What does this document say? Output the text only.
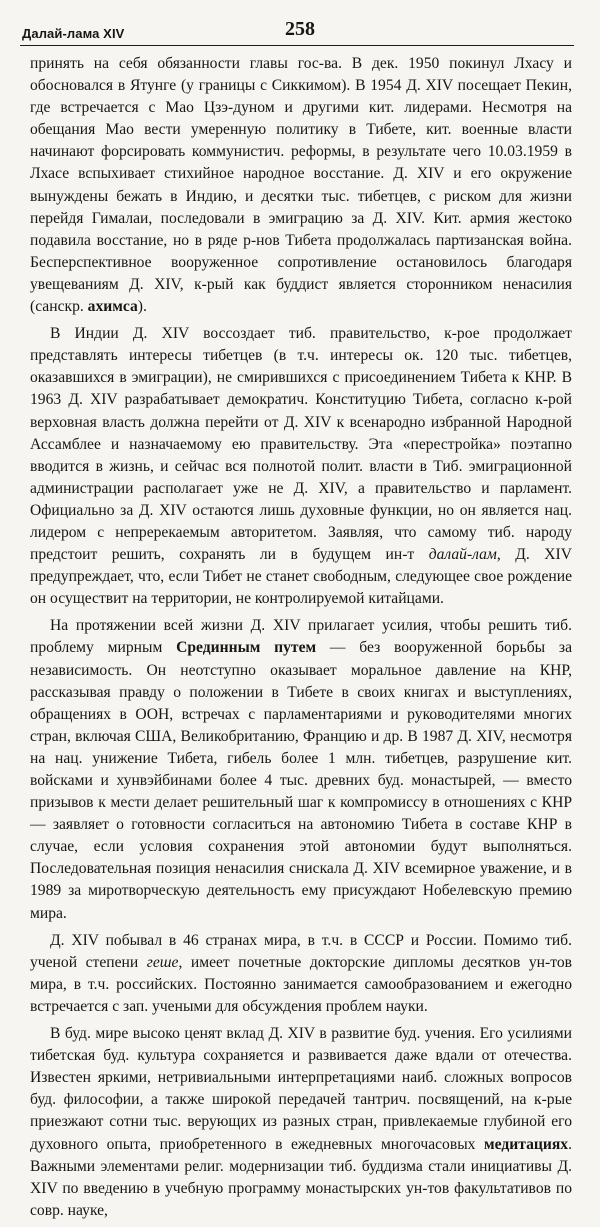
Далай-лама XIV	258

принять на себя обязанности главы гос-ва. В дек. 1950 покинул Лхасу и обосновался в Ятунге (у границы с Сиккимом). В 1954 Д. XIV посещает Пекин, где встречается с Мао Цзэ-дуном и другими кит. лидерами. Несмотря на обещания Мао вести умеренную политику в Тибете, кит. военные власти начинают форсировать коммунистич. реформы, в результате чего 10.03.1959 в Лхасе вспыхивает стихийное народное восстание. Д. XIV и его окружение вынуждены бежать в Индию, и десятки тыс. тибетцев, с риском для жизни перейдя Гималаи, последовали в эмиграцию за Д. XIV. Кит. армия жестоко подавила восстание, но в ряде р-нов Тибета продолжалась партизанская война. Бесперспективное вооруженное сопротивление остановилось благодаря увещеваниям Д. XIV, к-рый как буддист является сторонником ненасилия (санскр. ахимса).

В Индии Д. XIV воссоздает тиб. правительство, к-рое продолжает представлять интересы тибетцев (в т.ч. интересы ок. 120 тыс. тибетцев, оказавшихся в эмиграции), не смирившихся с присоединением Тибета к КНР. В 1963 Д. XIV разрабатывает демократич. Конституцию Тибета, согласно к-рой верховная власть должна перейти от Д. XIV к всенародно избранной Народной Ассамблее и назначаемому ею правительству. Эта «перестройка» поэтапно вводится в жизнь, и сейчас вся полнотой полит. власти в Тиб. эмиграционной администрации располагает уже не Д. XIV, а правительство и парламент. Официально за Д. XIV остаются лишь духовные функции, но он является нац. лидером с непререкаемым авторитетом. Заявляя, что самому тиб. народу предстоит решить, сохранять ли в будущем ин-т далай-лам, Д. XIV предупреждает, что, если Тибет не станет свободным, следующее свое рождение он осуществит на территории, не контролируемой китайцами.

На протяжении всей жизни Д. XIV прилагает усилия, чтобы решить тиб. проблему мирным Срединным путем — без вооруженной борьбы за независимость. Он неотступно оказывает моральное давление на КНР, рассказывая правду о положении в Тибете в своих книгах и выступлениях, обращениях в ООН, встречах с парламентариями и руководителями многих стран, включая США, Великобританию, Францию и др. В 1987 Д. XIV, несмотря на нац. унижение Тибета, гибель более 1 млн. тибетцев, разрушение кит. войсками и хунвэйбинами более 4 тыс. древних буд. монастырей, — вместо призывов к мести делает решительный шаг к компромиссу в отношениях с КНР — заявляет о готовности согласиться на автономию Тибета в составе КНР в случае, если условия сохранения этой автономии будут выполняться. Последовательная позиция ненасилия снискала Д. XIV всемирное уважение, и в 1989 за миротворческую деятельность ему присуждают Нобелевскую премию мира.

Д. XIV побывал в 46 странах мира, в т.ч. в СССР и России. Помимо тиб. ученой степени геше, имеет почетные докторские дипломы десятков ун-тов мира, в т.ч. российских. Постоянно занимается самообразованием и ежегодно встречается с зап. учеными для обсуждения проблем науки.

В буд. мире высоко ценят вклад Д. XIV в развитие буд. учения. Его усилиями тибетская буд. культура сохраняется и развивается даже вдали от отечества. Известен яркими, нетривиальными интерпретациями наиб. сложных вопросов буд. философии, а также широкой передачей тантрич. посвящений, на к-рые приезжают сотни тыс. верующих из разных стран, привлекаемые глубиной его духовного опыта, приобретенного в ежедневных многочасовых медитациях. Важными элементами религ. модернизации тиб. буддизма стали инициативы Д. XIV по введению в учебную программу монастырских ун-тов факультативов по совр. науке,
